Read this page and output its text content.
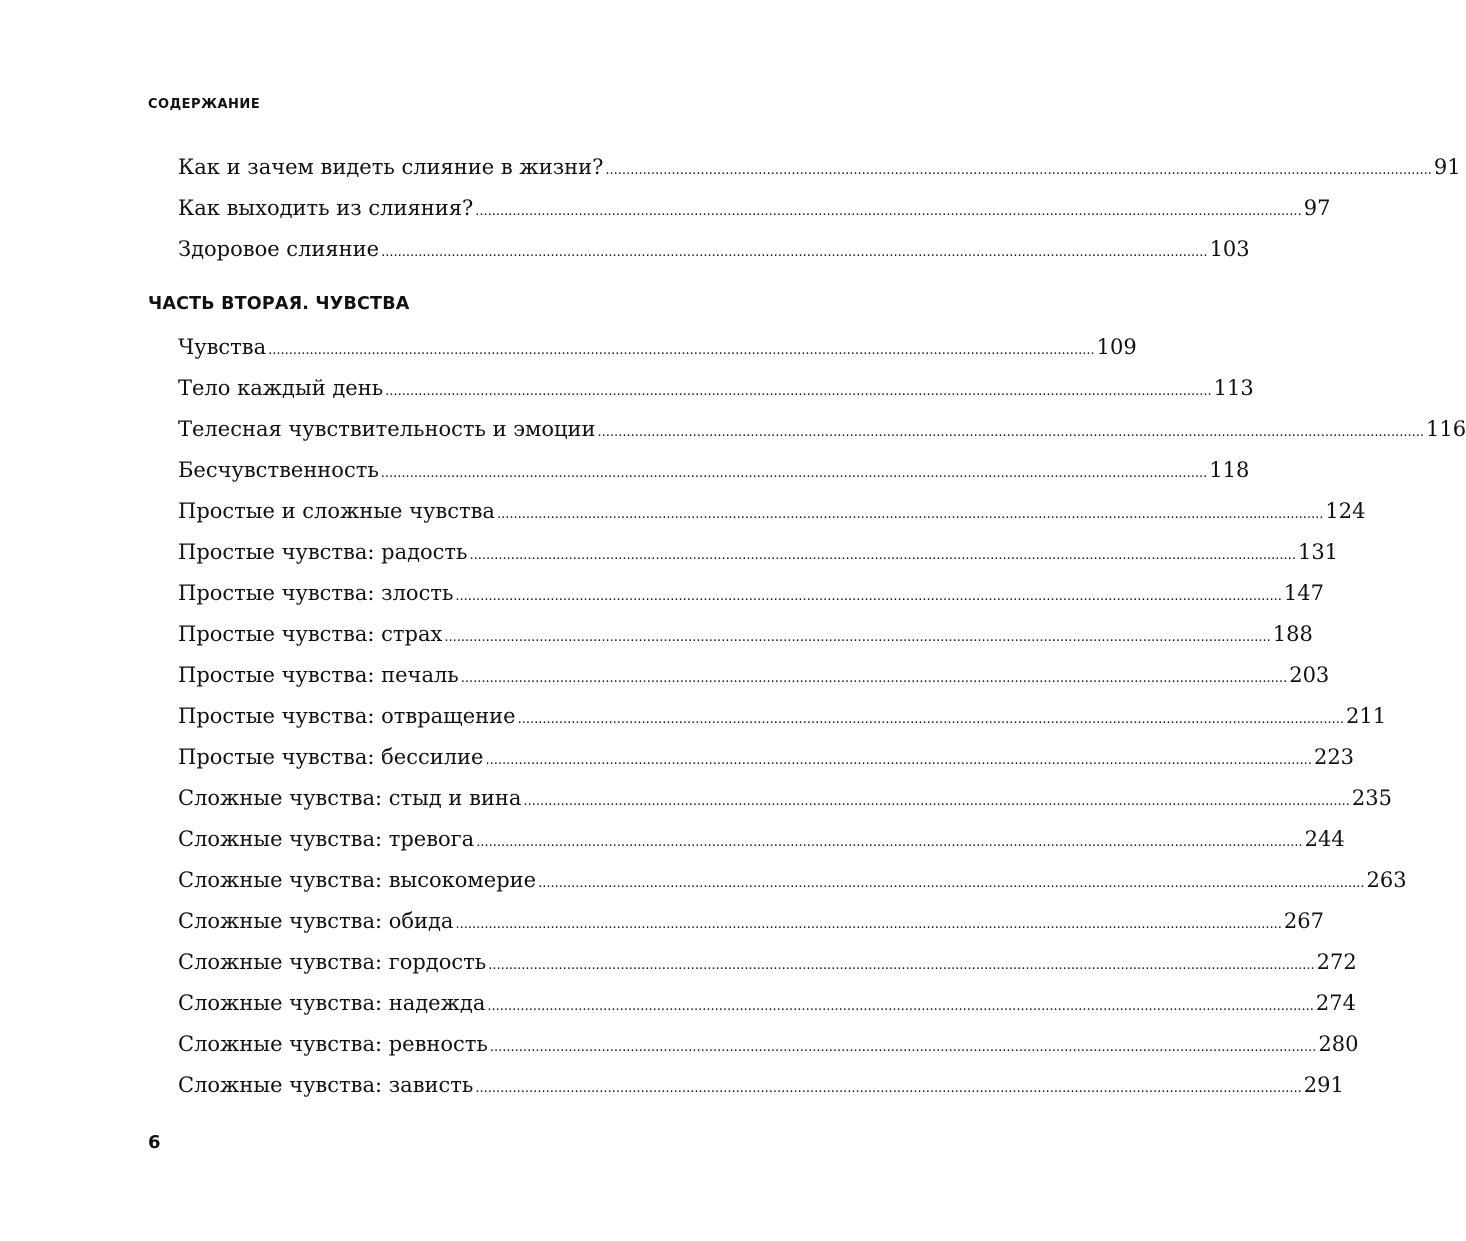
СОДЕРЖАНИЕ
Как и зачем видеть слияние в жизни? ........................................................................................................................................................................................................ 91
Как выходить из слияния? ........................................................................................................................................................................................................ 97
Здоровое слияние ........................................................................................................................................................................................................ 103
ЧАСТЬ ВТОРАЯ. ЧУВСТВА
Чувства ........................................................................................................................................................................................................ 109
Тело каждый день ........................................................................................................................................................................................................ 113
Телесная чувствительность и эмоции ........................................................................................................................................................................................................ 116
Бесчувственность ........................................................................................................................................................................................................ 118
Простые и сложные чувства ........................................................................................................................................................................................................ 124
Простые чувства: радость ........................................................................................................................................................................................................ 131
Простые чувства: злость ........................................................................................................................................................................................................ 147
Простые чувства: страх ........................................................................................................................................................................................................ 188
Простые чувства: печаль ........................................................................................................................................................................................................ 203
Простые чувства: отвращение ........................................................................................................................................................................................................ 211
Простые чувства: бессилие ........................................................................................................................................................................................................ 223
Сложные чувства: стыд и вина ........................................................................................................................................................................................................ 235
Сложные чувства: тревога ........................................................................................................................................................................................................ 244
Сложные чувства: высокомерие ........................................................................................................................................................................................................ 263
Сложные чувства: обида ........................................................................................................................................................................................................ 267
Сложные чувства: гордость ........................................................................................................................................................................................................ 272
Сложные чувства: надежда ........................................................................................................................................................................................................ 274
Сложные чувства: ревность ........................................................................................................................................................................................................ 280
Сложные чувства: зависть ........................................................................................................................................................................................................ 291
6
